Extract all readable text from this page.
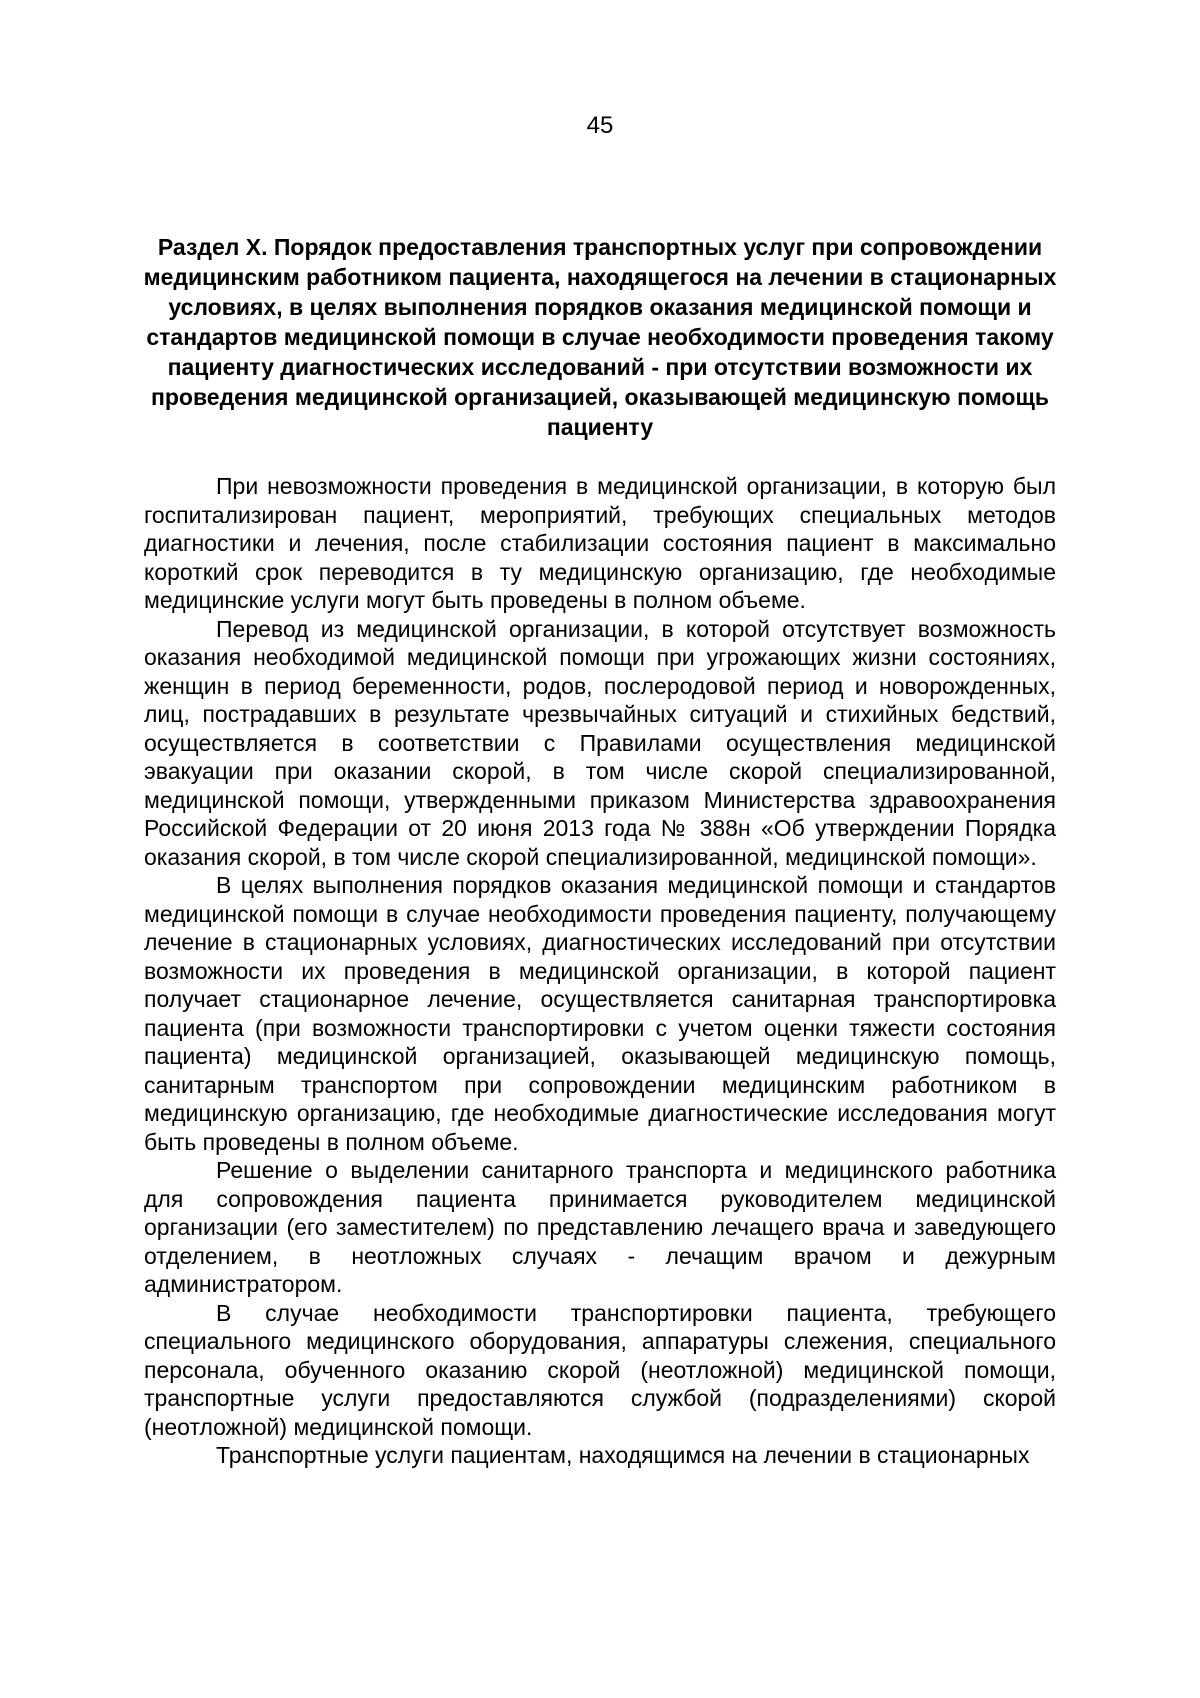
45
Раздел X. Порядок предоставления транспортных услуг при сопровождении медицинским работником пациента, находящегося на лечении в стационарных условиях, в целях выполнения порядков оказания медицинской помощи и стандартов медицинской помощи в случае необходимости проведения такому пациенту диагностических исследований - при отсутствии возможности их проведения медицинской организацией, оказывающей медицинскую помощь пациенту

При невозможности проведения в медицинской организации, в которую был госпитализирован пациент, мероприятий, требующих специальных методов диагностики и лечения, после стабилизации состояния пациент в максимально короткий срок переводится в ту медицинскую организацию, где необходимые медицинские услуги могут быть проведены в полном объеме.

Перевод из медицинской организации, в которой отсутствует возможность оказания необходимой медицинской помощи при угрожающих жизни состояниях, женщин в период беременности, родов, послеродовой период и новорожденных, лиц, пострадавших в результате чрезвычайных ситуаций и стихийных бедствий, осуществляется в соответствии с Правилами осуществления медицинской эвакуации при оказании скорой, в том числе скорой специализированной, медицинской помощи, утвержденными приказом Министерства здравоохранения Российской Федерации от 20 июня 2013 года № 388н «Об утверждении Порядка оказания скорой, в том числе скорой специализированной, медицинской помощи».

В целях выполнения порядков оказания медицинской помощи и стандартов медицинской помощи в случае необходимости проведения пациенту, получающему лечение в стационарных условиях, диагностических исследований при отсутствии возможности их проведения в медицинской организации, в которой пациент получает стационарное лечение, осуществляется санитарная транспортировка пациента (при возможности транспортировки с учетом оценки тяжести состояния пациента) медицинской организацией, оказывающей медицинскую помощь, санитарным транспортом при сопровождении медицинским работником в медицинскую организацию, где необходимые диагностические исследования могут быть проведены в полном объеме.

Решение о выделении санитарного транспорта и медицинского работника для сопровождения пациента принимается руководителем медицинской организации (его заместителем) по представлению лечащего врача и заведующего отделением, в неотложных случаях - лечащим врачом и дежурным администратором.

В случае необходимости транспортировки пациента, требующего специального медицинского оборудования, аппаратуры слежения, специального персонала, обученного оказанию скорой (неотложной) медицинской помощи, транспортные услуги предоставляются службой (подразделениями) скорой (неотложной) медицинской помощи.

Транспортные услуги пациентам, находящимся на лечении в стационарных
